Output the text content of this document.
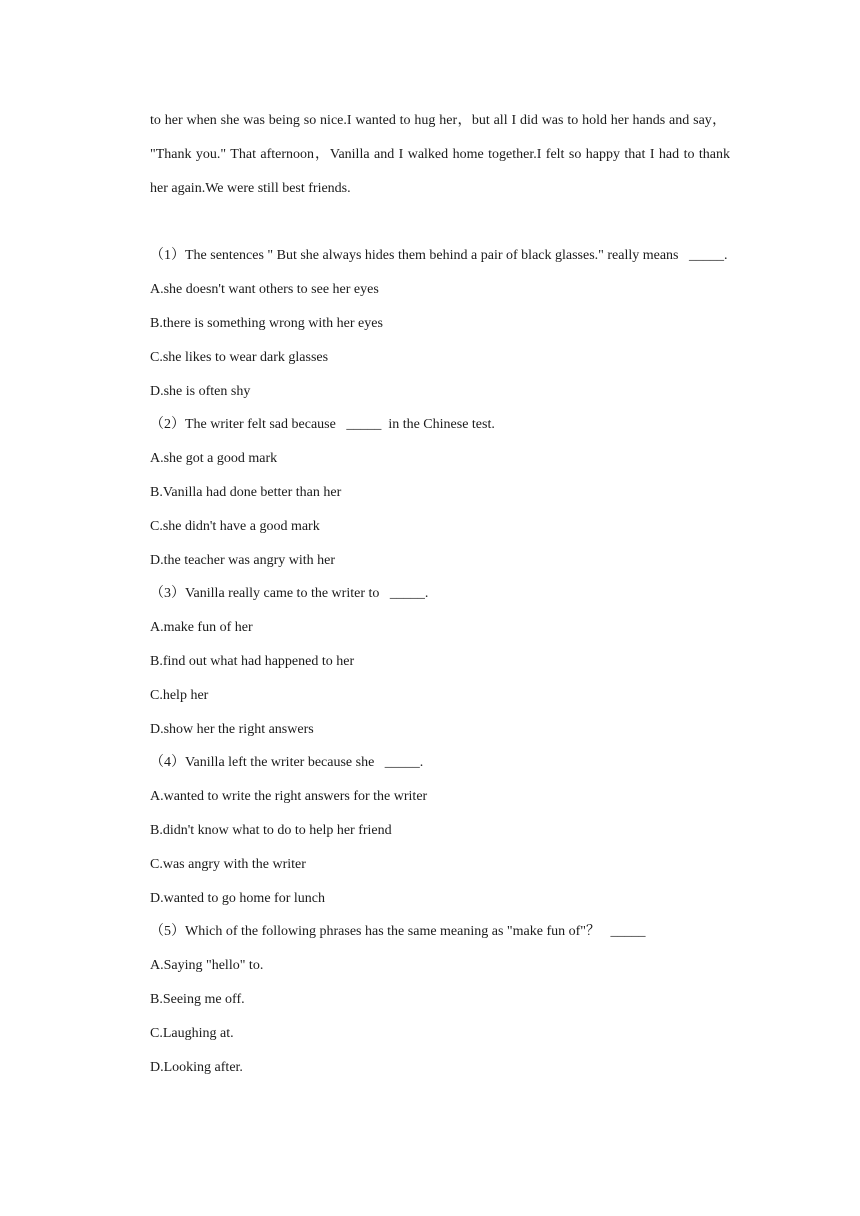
to her when she was being so nice.I wanted to hug her，but all I did was to hold her hands and say，  "Thank you." That afternoon，Vanilla and I walked home together.I felt so happy that I had to thank her again.We were still best friends.

（1）The sentences " But she always hides them behind a pair of black glasses." really means   _____.

A.she doesn't want others to see her eyes

B.there is something wrong with her eyes

C.she likes to wear dark glasses

D.she is often shy

（2）The writer felt sad because   _____  in the Chinese test.

A.she got a good mark

B.Vanilla had done better than her

C.she didn't have a good mark

D.the teacher was angry with her

（3）Vanilla really came to the writer to   _____.

A.make fun of her

B.find out what had happened to her

C.help her

D.show her the right answers

（4）Vanilla left the writer because she   _____.

A.wanted to write the right answers for the writer

B.didn't know what to do to help her friend

C.was angry with the writer

D.wanted to go home for lunch

（5）Which of the following phrases has the same meaning as "make fun of"？   _____

A.Saying "hello" to.

B.Seeing me off.

C.Laughing at.

D.Looking after.
